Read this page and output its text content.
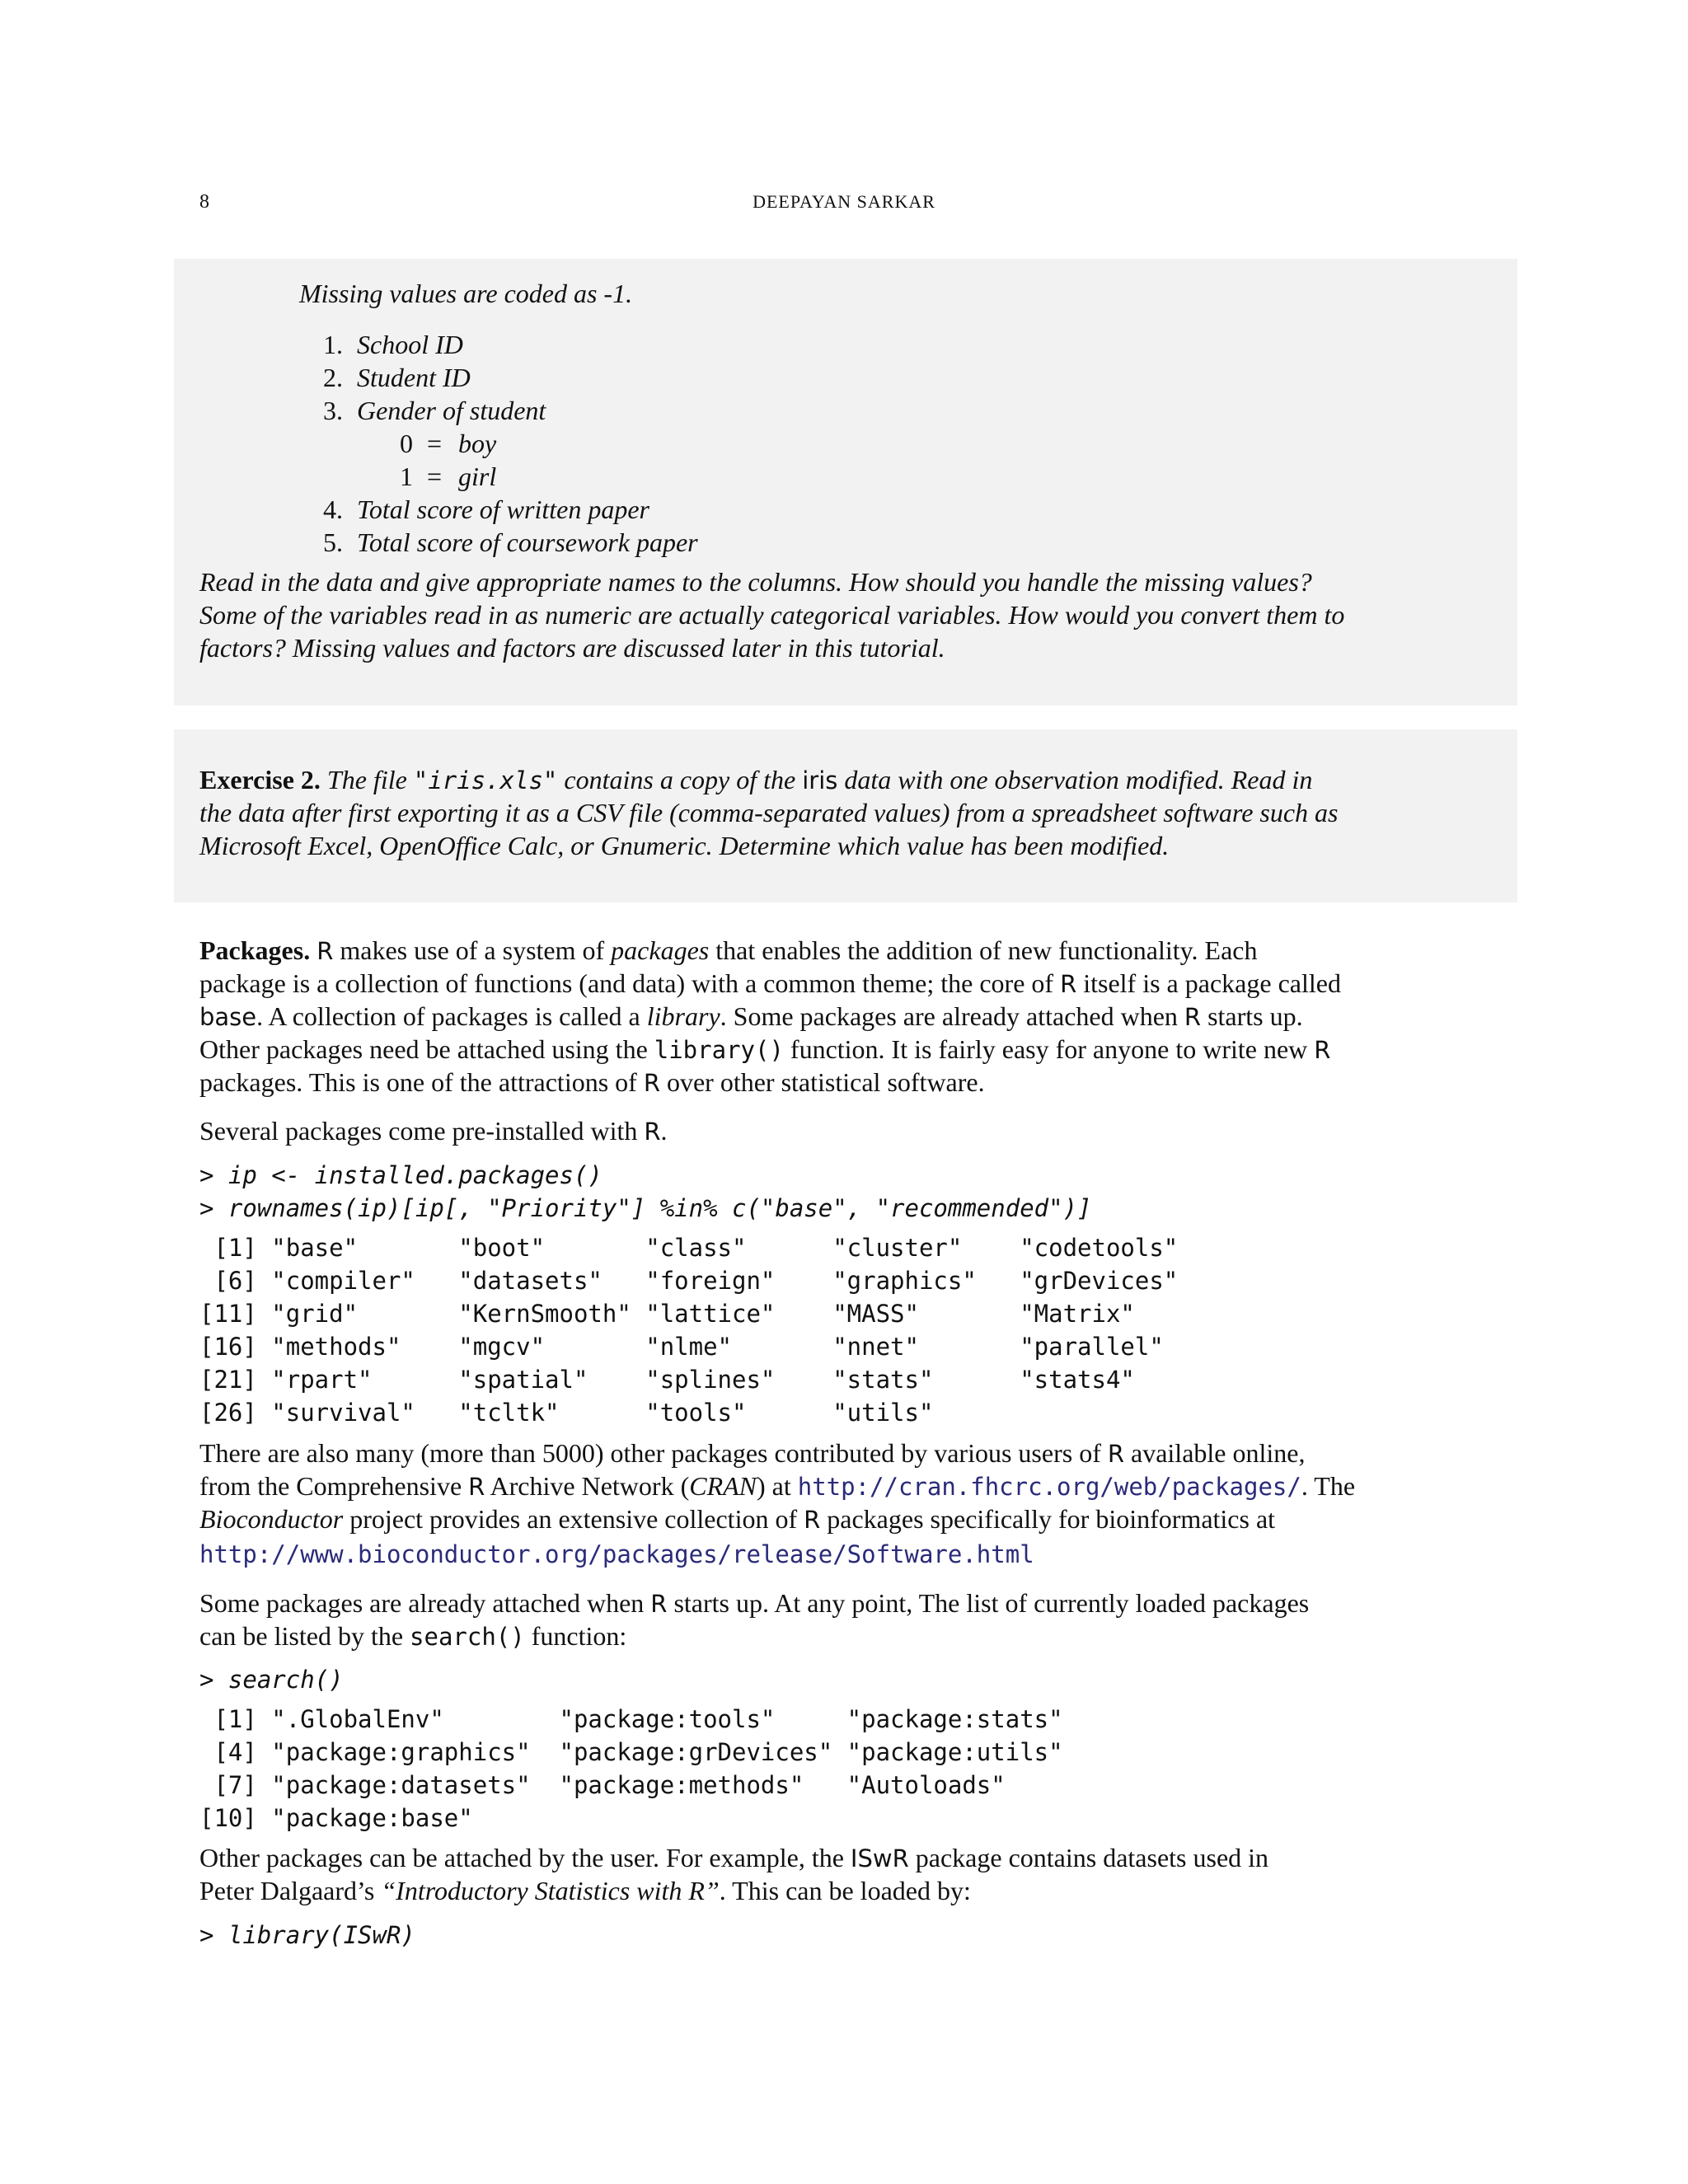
8	DEEPAYAN SARKAR
Missing values are coded as -1.
1. School ID
2. Student ID
3. Gender of student
0 = boy
1 = girl
4. Total score of written paper
5. Total score of coursework paper
Read in the data and give appropriate names to the columns. How should you handle the missing values?
Some of the variables read in as numeric are actually categorical variables. How would you convert them to
factors? Missing values and factors are discussed later in this tutorial.
Exercise 2. The file "iris.xls" contains a copy of the iris data with one observation modified. Read in
the data after first exporting it as a CSV file (comma-separated values) from a spreadsheet software such as
Microsoft Excel, OpenOffice Calc, or Gnumeric. Determine which value has been modified.
Packages. R makes use of a system of packages that enables the addition of new functionality. Each
package is a collection of functions (and data) with a common theme; the core of R itself is a package called
base. A collection of packages is called a library. Some packages are already attached when R starts up.
Other packages need be attached using the library() function. It is fairly easy for anyone to write new R
packages. This is one of the attractions of R over other statistical software.
Several packages come pre-installed with R.

> ip <- installed.packages()

> rownames(ip)[ip[, "Priority"] %in% c("base", "recommended")]

[1] "base"       "boot"       "class"      "cluster"    "codetools"

[6] "compiler"   "datasets"   "foreign"    "graphics"   "grDevices"

[11] "grid"       "KernSmooth" "lattice"    "MASS"       "Matrix"

[16] "methods"    "mgcv"       "nlme"       "nnet"       "parallel"

[21] "rpart"      "spatial"    "splines"    "stats"      "stats4"

[26] "survival"   "tcltk"      "tools"      "utils"

There are also many (more than 5000) other packages contributed by various users of R available online,
from the Comprehensive R Archive Network (CRAN) at http://cran.fhcrc.org/web/packages/. The
Bioconductor project provides an extensive collection of R packages specifically for bioinformatics at
http://www.bioconductor.org/packages/release/Software.html
Some packages are already attached when R starts up. At any point, The list of currently loaded packages
can be listed by the search() function:

> search()

[1] ".GlobalEnv"        "package:tools"     "package:stats"

[4] "package:graphics"  "package:grDevices" "package:utils"

[7] "package:datasets"  "package:methods"   "Autoloads"

[10] "package:base"

Other packages can be attached by the user. For example, the ISwR package contains datasets used in
Peter Dalgaard’s “Introductory Statistics with R”. This can be loaded by:

> library(ISwR)
